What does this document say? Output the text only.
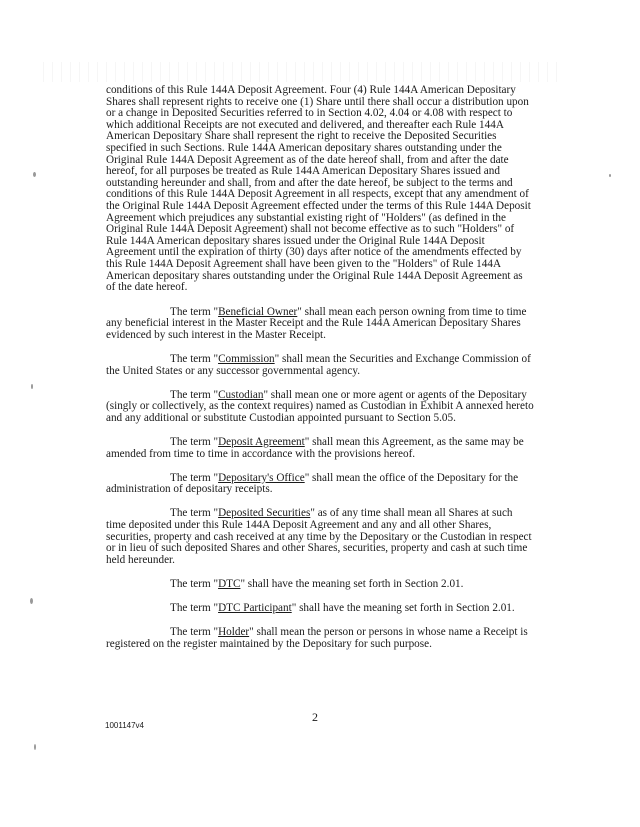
conditions of this Rule 144A Deposit Agreement. Four (4) Rule 144A American Depositary Shares shall represent rights to receive one (1) Share until there shall occur a distribution upon or a change in Deposited Securities referred to in Section 4.02, 4.04 or 4.08 with respect to which additional Receipts are not executed and delivered, and thereafter each Rule 144A American Depositary Share shall represent the right to receive the Deposited Securities specified in such Sections. Rule 144A American depositary shares outstanding under the Original Rule 144A Deposit Agreement as of the date hereof shall, from and after the date hereof, for all purposes be treated as Rule 144A American Depositary Shares issued and outstanding hereunder and shall, from and after the date hereof, be subject to the terms and conditions of this Rule 144A Deposit Agreement in all respects, except that any amendment of the Original Rule 144A Deposit Agreement effected under the terms of this Rule 144A Deposit Agreement which prejudices any substantial existing right of "Holders" (as defined in the Original Rule 144A Deposit Agreement) shall not become effective as to such "Holders" of Rule 144A American depositary shares issued under the Original Rule 144A Deposit Agreement until the expiration of thirty (30) days after notice of the amendments effected by this Rule 144A Deposit Agreement shall have been given to the "Holders" of Rule 144A American depositary shares outstanding under the Original Rule 144A Deposit Agreement as of the date hereof.

The term "Beneficial Owner" shall mean each person owning from time to time any beneficial interest in the Master Receipt and the Rule 144A American Depositary Shares evidenced by such interest in the Master Receipt.

The term "Commission" shall mean the Securities and Exchange Commission of the United States or any successor governmental agency.

The term "Custodian" shall mean one or more agent or agents of the Depositary (singly or collectively, as the context requires) named as Custodian in Exhibit A annexed hereto and any additional or substitute Custodian appointed pursuant to Section 5.05.

The term "Deposit Agreement" shall mean this Agreement, as the same may be amended from time to time in accordance with the provisions hereof.

The term "Depositary's Office" shall mean the office of the Depositary for the administration of depositary receipts.

The term "Deposited Securities" as of any time shall mean all Shares at such time deposited under this Rule 144A Deposit Agreement and any and all other Shares, securities, property and cash received at any time by the Depositary or the Custodian in respect or in lieu of such deposited Shares and other Shares, securities, property and cash at such time held hereunder.

The term "DTC" shall have the meaning set forth in Section 2.01.

The term "DTC Participant" shall have the meaning set forth in Section 2.01.

The term "Holder" shall mean the person or persons in whose name a Receipt is registered on the register maintained by the Depositary for such purpose.

2
1001147v4
